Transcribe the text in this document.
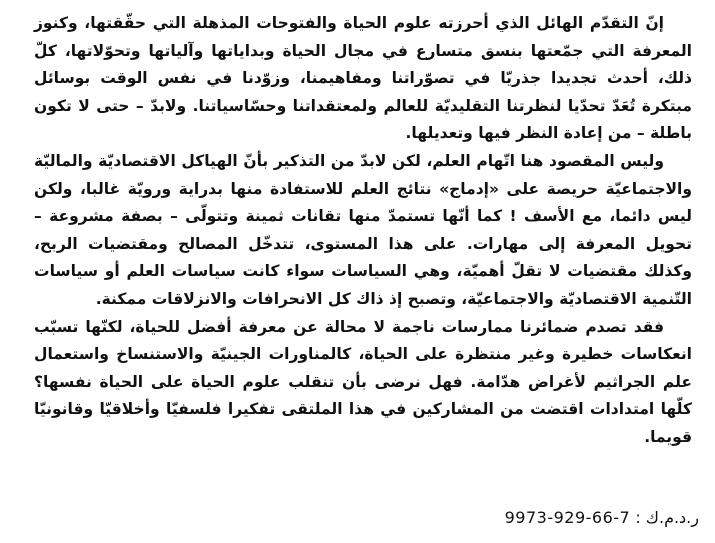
إنّ التقدّم الهائل الذي أحرزته علوم الحياة والفتوحات المذهلة التي حقّقتها، وكنوز المعرفة التي جمّعتها بنسق متسارع في مجال الحياة وبداياتها وآلياتها وتحوّلاتها، كلّ ذلك، أحدث تجديدا جذريّا في تصوّراتنا ومفاهيمنا، وزوّدنا في نفس الوقت بوسائل مبتكرة تُعَدّ تحدّيا لنظرتنا التقليديّة للعالم ولمعتقداتنا وحسّاسياتنا. ولابدّ – حتى لا تكون باطلة – من إعادة النظر فيها وتعديلها.

وليس المقصود هنا اتّهام العلم، لكن لابدّ من التذكير بأنّ الهياكل الاقتصاديّة والماليّة والاجتماعيّة حريصة على «إدماج» نتائج العلم للاستفادة منها بدراية ورويّة غالبا، ولكن ليس دائما، مع الأسف ! كما أنّها تستمدّ منها تقانات ثمينة وتتولّى – بصفة مشروعة – تحويل المعرفة إلى مهارات. على هذا المستوى، تتدخّل المصالح ومقتضيات الربح، وكذلك مقتضيات لا تقلّ أهميّة، وهي السياسات سواء كانت سياسات العلم أو سياسات التّنمية الاقتصاديّة والاجتماعيّة، وتصبح إذ ذاك كل الانحرافات والانزلاقات ممكنة.

فقد تصدم ضمائرنا ممارسات ناجمة لا محالة عن معرفة أفضل للحياة، لكنّها تسبّب انعكاسات خطيرة وغير منتظرة على الحياة، كالمناورات الجينيّة والاستنساخ واستعمال علم الجراثيم لأغراض هدّامة. فهل نرضى بأن تنقلب علوم الحياة على الحياة نفسها؟ كلّها امتدادات اقتضت من المشاركين في هذا الملتقى تفكيرا فلسفيّا وأخلاقيّا وقانونيّا قويما.

ر.د.م.ك : 9973-929-66-7
